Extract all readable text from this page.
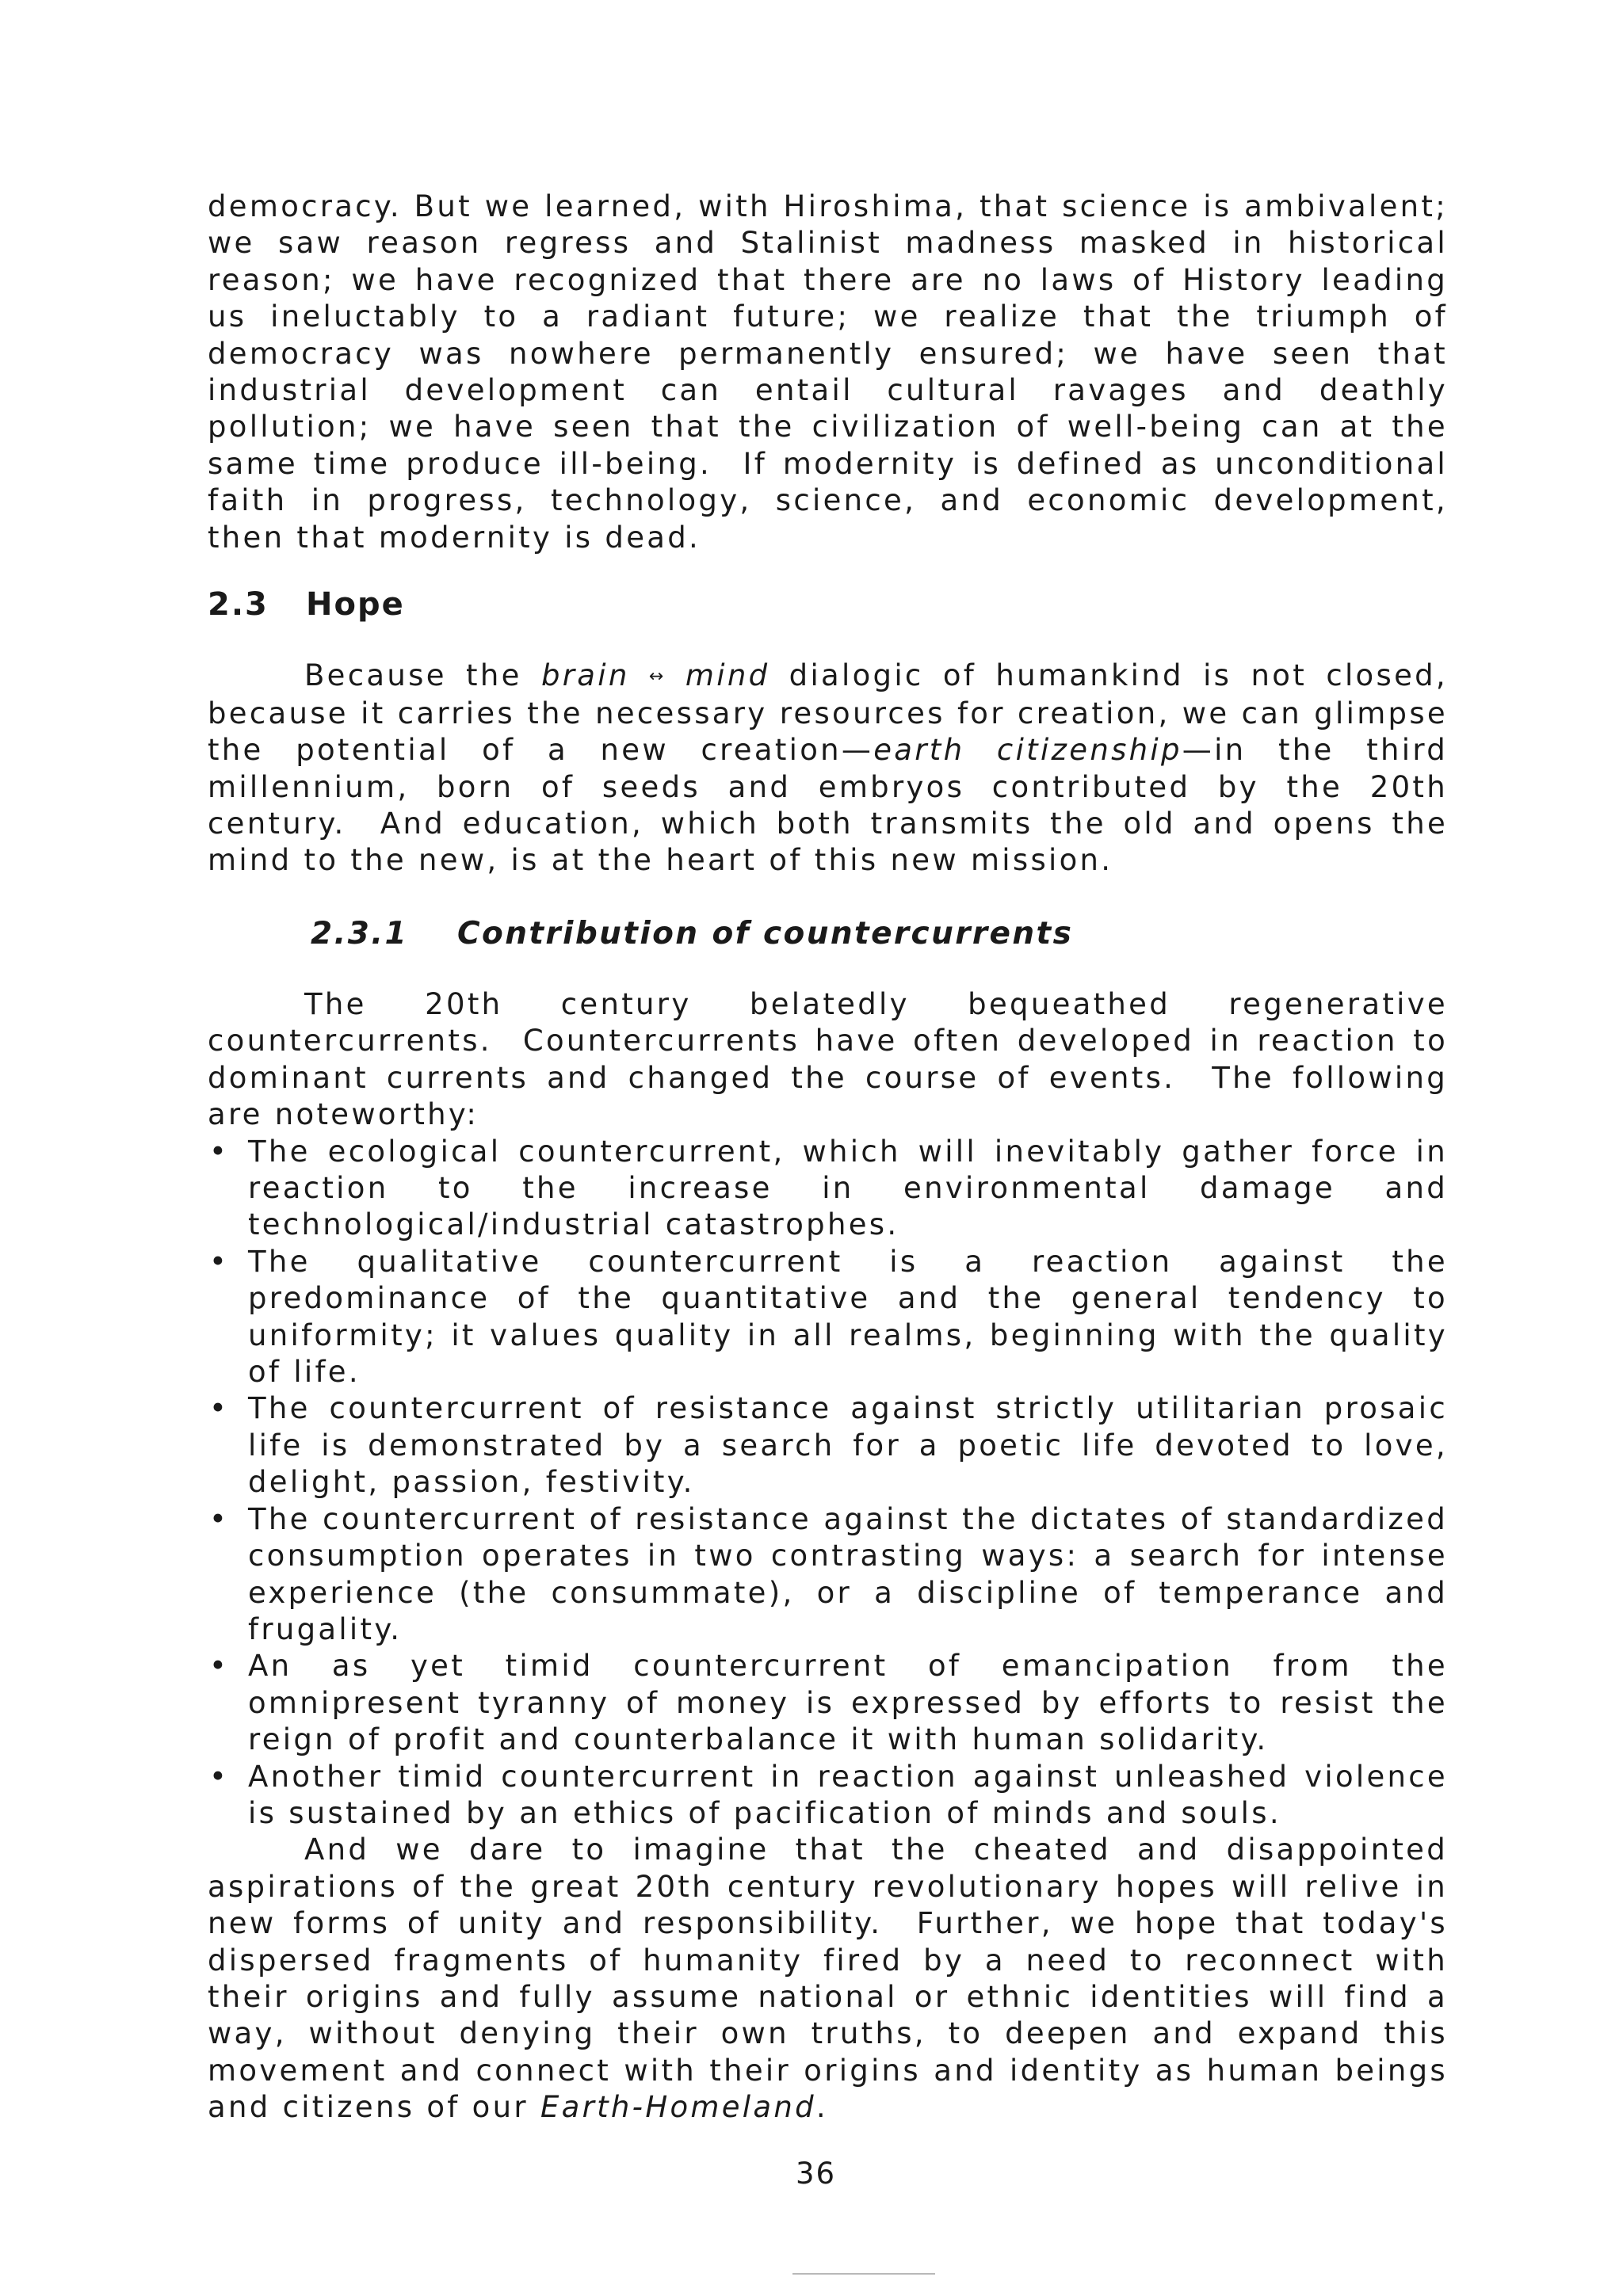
democracy. But we learned, with Hiroshima, that science is ambivalent; we saw reason regress and Stalinist madness masked in historical reason; we have recognized that there are no laws of History leading us ineluctably to a radiant future; we realize that the triumph of democracy was nowhere permanently ensured; we have seen that industrial development can entail cultural ravages and deathly pollution; we have seen that the civilization of well-being can at the same time produce ill-being. If modernity is defined as unconditional faith in progress, technology, science, and economic development, then that modernity is dead.

2.3 Hope

Because the brain ↔ mind dialogic of humankind is not closed, because it carries the necessary resources for creation, we can glimpse the potential of a new creation—earth citizenship—in the third millennium, born of seeds and embryos contributed by the 20th century. And education, which both transmits the old and opens the mind to the new, is at the heart of this new mission.

2.3.1 Contribution of countercurrents

The 20th century belatedly bequeathed regenerative countercurrents. Countercurrents have often developed in reaction to dominant currents and changed the course of events. The following are noteworthy:

• The ecological countercurrent, which will inevitably gather force in reaction to the increase in environmental damage and technological/industrial catastrophes.
• The qualitative countercurrent is a reaction against the predominance of the quantitative and the general tendency to uniformity; it values quality in all realms, beginning with the quality of life.
• The countercurrent of resistance against strictly utilitarian prosaic life is demonstrated by a search for a poetic life devoted to love, delight, passion, festivity.
• The countercurrent of resistance against the dictates of standardized consumption operates in two contrasting ways: a search for intense experience (the consummate), or a discipline of temperance and frugality.
• An as yet timid countercurrent of emancipation from the omnipresent tyranny of money is expressed by efforts to resist the reign of profit and counterbalance it with human solidarity.
• Another timid countercurrent in reaction against unleashed violence is sustained by an ethics of pacification of minds and souls.

And we dare to imagine that the cheated and disappointed aspirations of the great 20th century revolutionary hopes will relive in new forms of unity and responsibility. Further, we hope that today's dispersed fragments of humanity fired by a need to reconnect with their origins and fully assume national or ethnic identities will find a way, without denying their own truths, to deepen and expand this movement and connect with their origins and identity as human beings and citizens of our Earth-Homeland.

36
